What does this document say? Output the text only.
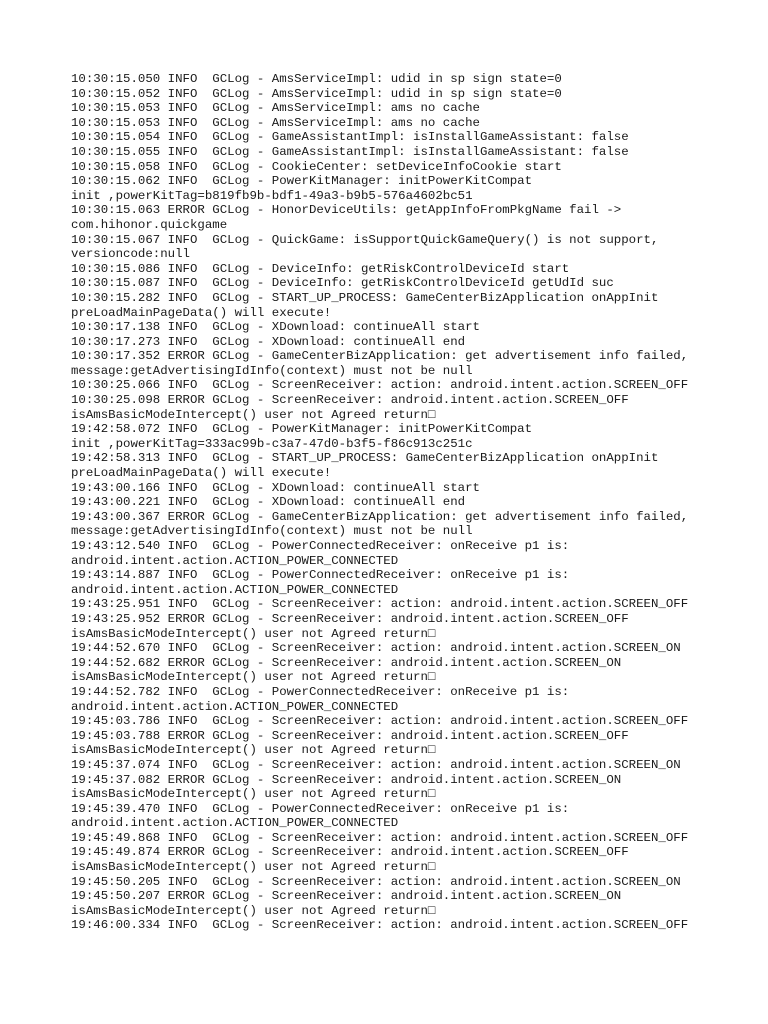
10:30:15.050 INFO  GCLog - AmsServiceImpl: udid in sp sign state=0
10:30:15.052 INFO  GCLog - AmsServiceImpl: udid in sp sign state=0
10:30:15.053 INFO  GCLog - AmsServiceImpl: ams no cache
10:30:15.053 INFO  GCLog - AmsServiceImpl: ams no cache
10:30:15.054 INFO  GCLog - GameAssistantImpl: isInstallGameAssistant: false
10:30:15.055 INFO  GCLog - GameAssistantImpl: isInstallGameAssistant: false
10:30:15.058 INFO  GCLog - CookieCenter: setDeviceInfoCookie start
10:30:15.062 INFO  GCLog - PowerKitManager: initPowerKitCompat
init ,powerKitTag=b819fb9b-bdf1-49a3-b9b5-576a4602bc51
10:30:15.063 ERROR GCLog - HonorDeviceUtils: getAppInfoFromPkgName fail ->
com.hihonor.quickgame
10:30:15.067 INFO  GCLog - QuickGame: isSupportQuickGameQuery() is not support,
versioncode:null
10:30:15.086 INFO  GCLog - DeviceInfo: getRiskControlDeviceId start
10:30:15.087 INFO  GCLog - DeviceInfo: getRiskControlDeviceId getUdId suc
10:30:15.282 INFO  GCLog - START_UP_PROCESS: GameCenterBizApplication onAppInit
preLoadMainPageData() will execute!
10:30:17.138 INFO  GCLog - XDownload: continueAll start
10:30:17.273 INFO  GCLog - XDownload: continueAll end
10:30:17.352 ERROR GCLog - GameCenterBizApplication: get advertisement info failed,
message:getAdvertisingIdInfo(context) must not be null
10:30:25.066 INFO  GCLog - ScreenReceiver: action: android.intent.action.SCREEN_OFF
10:30:25.098 ERROR GCLog - ScreenReceiver: android.intent.action.SCREEN_OFF
isAmsBasicModeIntercept() user not Agreed return□
19:42:58.072 INFO  GCLog - PowerKitManager: initPowerKitCompat
init ,powerKitTag=333ac99b-c3a7-47d0-b3f5-f86c913c251c
19:42:58.313 INFO  GCLog - START_UP_PROCESS: GameCenterBizApplication onAppInit
preLoadMainPageData() will execute!
19:43:00.166 INFO  GCLog - XDownload: continueAll start
19:43:00.221 INFO  GCLog - XDownload: continueAll end
19:43:00.367 ERROR GCLog - GameCenterBizApplication: get advertisement info failed,
message:getAdvertisingIdInfo(context) must not be null
19:43:12.540 INFO  GCLog - PowerConnectedReceiver: onReceive p1 is:
android.intent.action.ACTION_POWER_CONNECTED
19:43:14.887 INFO  GCLog - PowerConnectedReceiver: onReceive p1 is:
android.intent.action.ACTION_POWER_CONNECTED
19:43:25.951 INFO  GCLog - ScreenReceiver: action: android.intent.action.SCREEN_OFF
19:43:25.952 ERROR GCLog - ScreenReceiver: android.intent.action.SCREEN_OFF
isAmsBasicModeIntercept() user not Agreed return□
19:44:52.670 INFO  GCLog - ScreenReceiver: action: android.intent.action.SCREEN_ON
19:44:52.682 ERROR GCLog - ScreenReceiver: android.intent.action.SCREEN_ON
isAmsBasicModeIntercept() user not Agreed return□
19:44:52.782 INFO  GCLog - PowerConnectedReceiver: onReceive p1 is:
android.intent.action.ACTION_POWER_CONNECTED
19:45:03.786 INFO  GCLog - ScreenReceiver: action: android.intent.action.SCREEN_OFF
19:45:03.788 ERROR GCLog - ScreenReceiver: android.intent.action.SCREEN_OFF
isAmsBasicModeIntercept() user not Agreed return□
19:45:37.074 INFO  GCLog - ScreenReceiver: action: android.intent.action.SCREEN_ON
19:45:37.082 ERROR GCLog - ScreenReceiver: android.intent.action.SCREEN_ON
isAmsBasicModeIntercept() user not Agreed return□
19:45:39.470 INFO  GCLog - PowerConnectedReceiver: onReceive p1 is:
android.intent.action.ACTION_POWER_CONNECTED
19:45:49.868 INFO  GCLog - ScreenReceiver: action: android.intent.action.SCREEN_OFF
19:45:49.874 ERROR GCLog - ScreenReceiver: android.intent.action.SCREEN_OFF
isAmsBasicModeIntercept() user not Agreed return□
19:45:50.205 INFO  GCLog - ScreenReceiver: action: android.intent.action.SCREEN_ON
19:45:50.207 ERROR GCLog - ScreenReceiver: android.intent.action.SCREEN_ON
isAmsBasicModeIntercept() user not Agreed return□
19:46:00.334 INFO  GCLog - ScreenReceiver: action: android.intent.action.SCREEN_OFF
